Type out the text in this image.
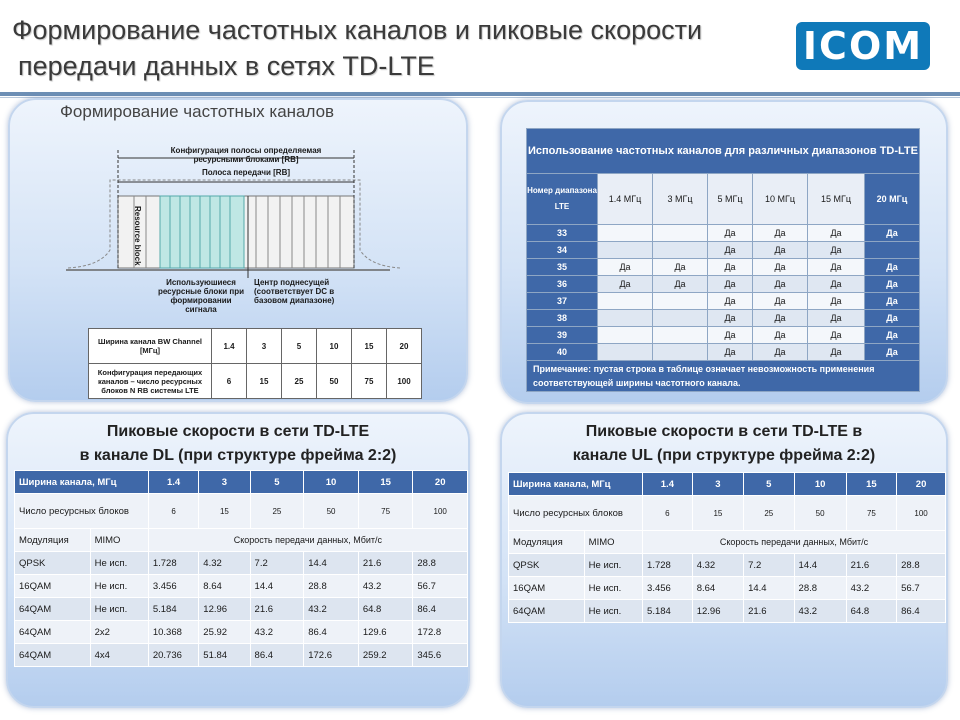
Формирование частотных каналов и пиковые скорости
передачи данных в сетях TD-LTE	ICOM
Формирование частотных каналов
Конфигурация полосы определяемая ресурсными блоками [RB]
Полоса передачи [RB]
Resource block
Используюшиеся ресурсные блоки при формировании сигнала
Центр поднесущей (соответствует DC в базовом диапазоне)
Ширина канала BW Channel [МГц]	1.4	3	5	10	15	20
Конфигурация передающих каналов – число ресурсных блоков N RB системы LTE	6	15	25	50	75	100
Использование частотных каналов для различных диапазонов TD-LTE						
Номер диапазона LTE	1.4 МГц	3 МГц	5 МГц	10 МГц	15 МГц	20 МГц
33			Да	Да	Да	Да
34			Да	Да	Да	
35	Да	Да	Да	Да	Да	Да
36	Да	Да	Да	Да	Да	Да
37			Да	Да	Да	Да
38			Да	Да	Да	Да
39			Да	Да	Да	Да
40			Да	Да	Да	Да
Примечание: пустая строка в таблице означает невозможность применения соответствующей ширины частотного канала.						
Пиковые скорости в сети TD-LTE
в канале DL (при структуре фрейма 2:2)
Ширина канала, МГц		1.4	3	5	10	15	20
Число ресурсных блоков		6	15	25	50	75	100
Модуляция	MIMO	Скорость передачи данных, Мбит/с					
QPSK	Не исп.	1.728	4.32	7.2	14.4	21.6	28.8
16QAM	Не исп.	3.456	8.64	14.4	28.8	43.2	56.7
64QAM	Не исп.	5.184	12.96	21.6	43.2	64.8	86.4
64QAM	2x2	10.368	25.92	43.2	86.4	129.6	172.8
64QAM	4x4	20.736	51.84	86.4	172.6	259.2	345.6
Пиковые скорости в сети TD-LTE в
канале UL (при структуре фрейма 2:2)
Ширина канала, МГц		1.4	3	5	10	15	20
Число ресурсных блоков		6	15	25	50	75	100
Модуляция	MIMO	Скорость передачи данных, Мбит/с					
QPSK	Не исп.	1.728	4.32	7.2	14.4	21.6	28.8
16QAM	Не исп.	3.456	8.64	14.4	28.8	43.2	56.7
64QAM	Не исп.	5.184	12.96	21.6	43.2	64.8	86.4
